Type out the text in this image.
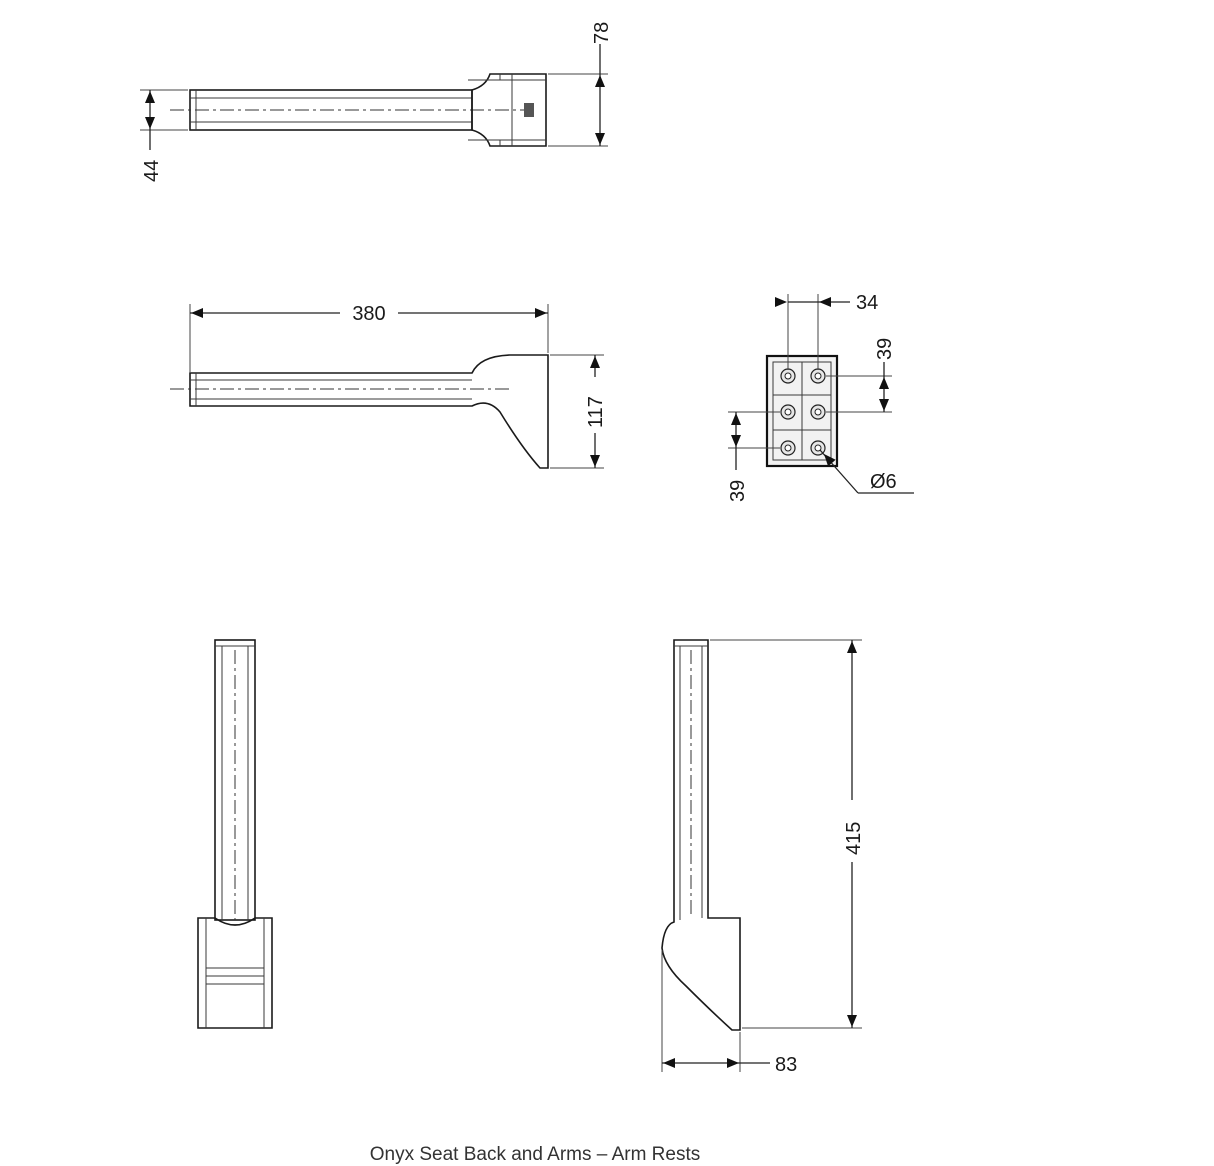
78
44
380
117
34
39
39	Ø6
415
83
Onyx Seat Back and Arms – Arm Rests
